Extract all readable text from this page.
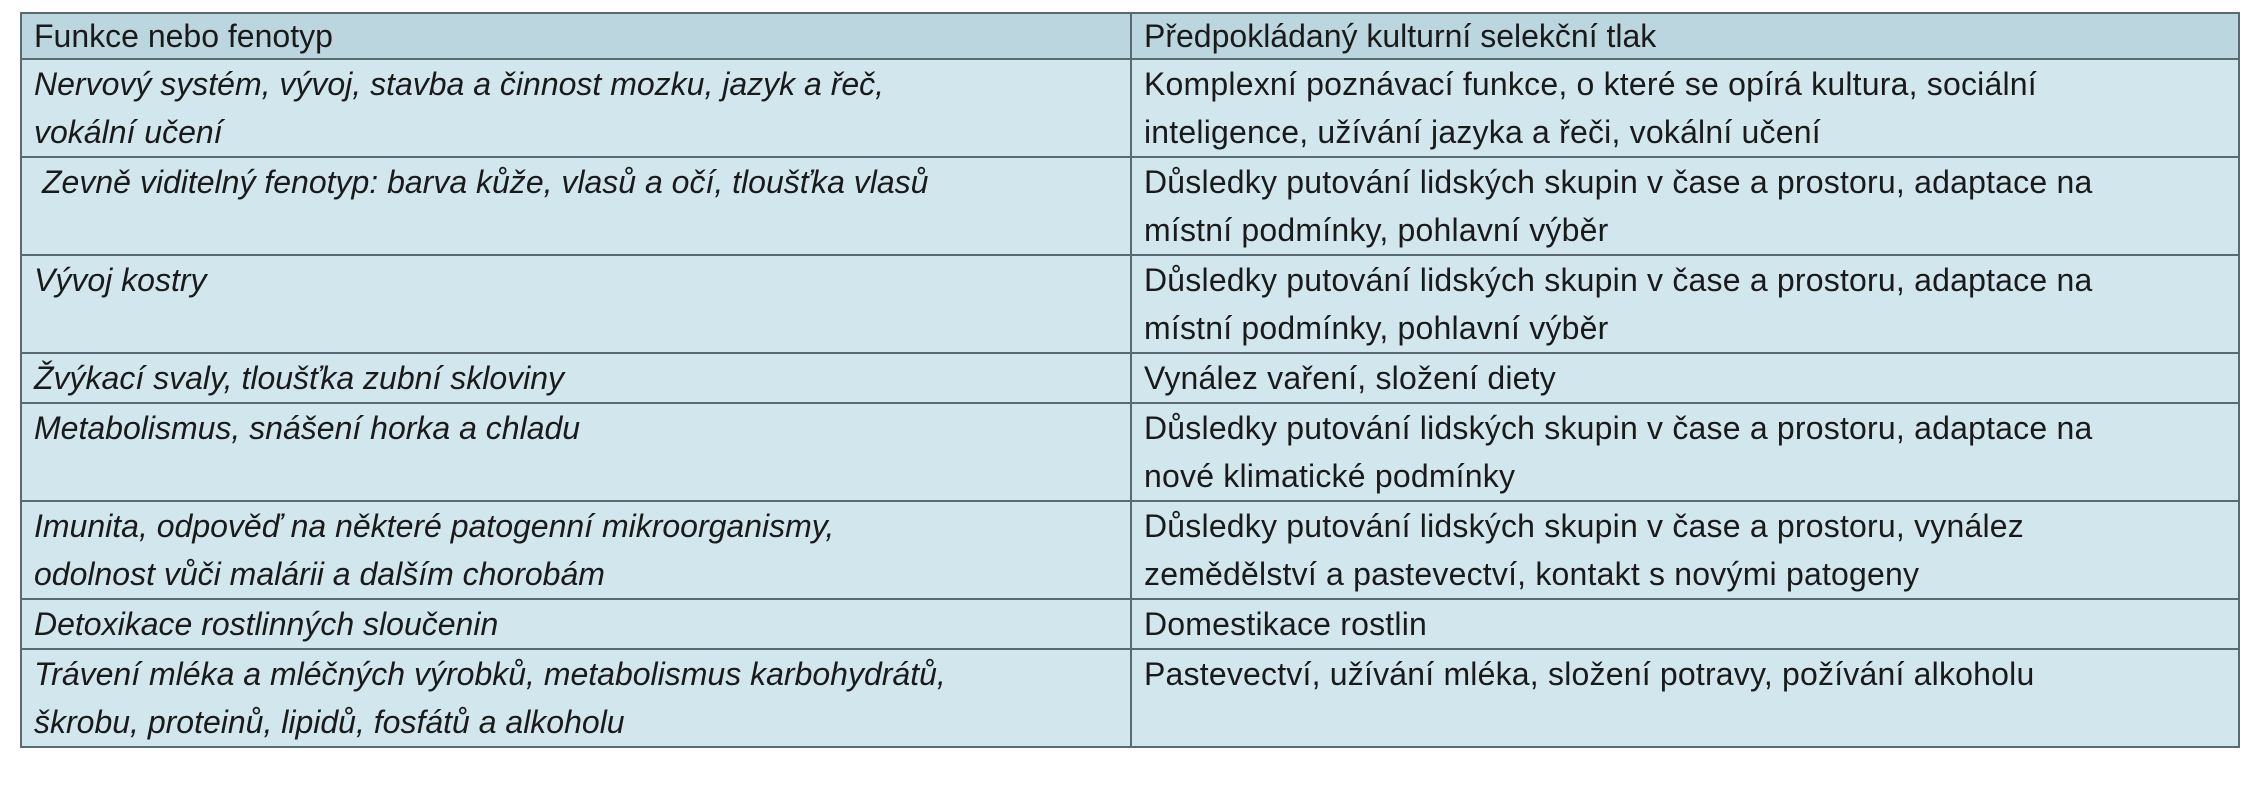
Funkce nebo fenotyp	Předpokládaný kulturní selekční tlak
Nervový systém, vývoj, stavba a činnost mozku, jazyk a řeč,
vokální učení	Komplexní poznávací funkce, o které se opírá kultura, sociální
inteligence, užívání jazyka a řeči, vokální učení
Zevně viditelný fenotyp: barva kůže, vlasů a očí, tloušťka vlasů	Důsledky putování lidských skupin v čase a prostoru, adaptace na
místní podmínky, pohlavní výběr
Vývoj kostry	Důsledky putování lidských skupin v čase a prostoru, adaptace na
místní podmínky, pohlavní výběr
Žvýkací svaly, tloušťka zubní skloviny	Vynález vaření, složení diety
Metabolismus, snášení horka a chladu	Důsledky putování lidských skupin v čase a prostoru, adaptace na
nové klimatické podmínky
Imunita, odpověď na některé patogenní mikroorganismy,
odolnost vůči malárii a dalším chorobám	Důsledky putování lidských skupin v čase a prostoru, vynález
zemědělství a pastevectví, kontakt s novými patogeny
Detoxikace rostlinných sloučenin	Domestikace rostlin
Trávení mléka a mléčných výrobků, metabolismus karbohydrátů,
škrobu, proteinů, lipidů, fosfátů a alkoholu	Pastevectví, užívání mléka, složení potravy, požívání alkoholu
